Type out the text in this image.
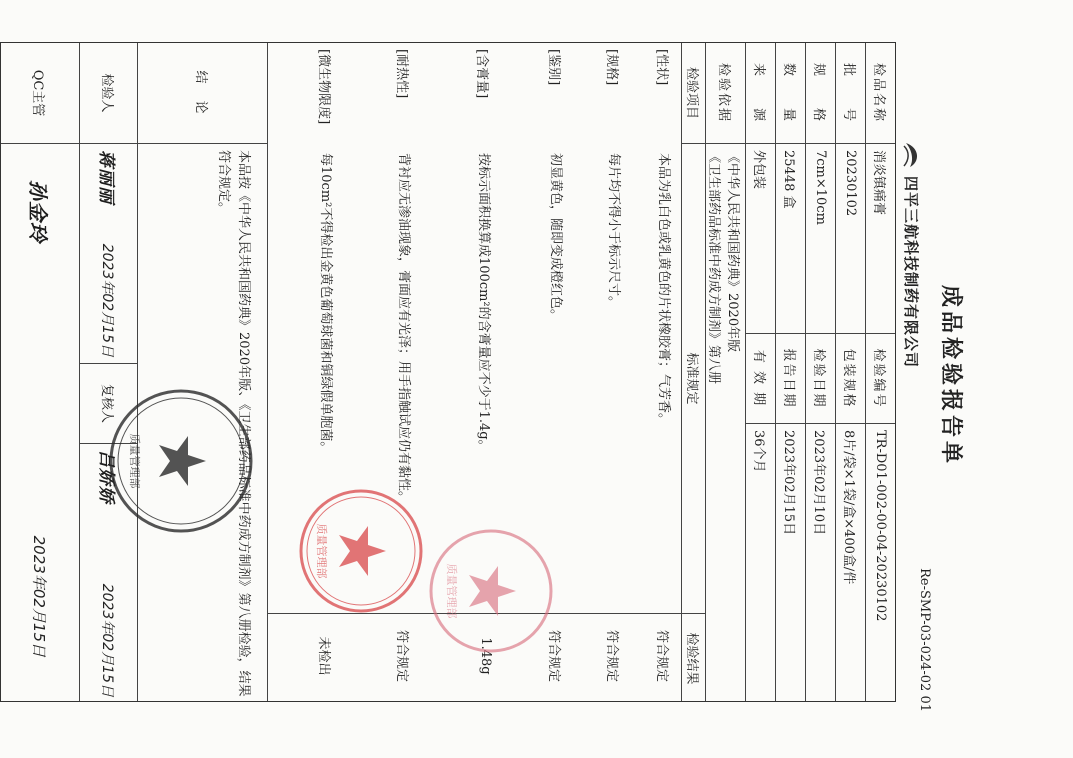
成品检验报告单
Re-SMP-03-024-02 01
四平三航科技制药有限公司
检品名称
消炎镇痛膏
检验编号
TR-D01-002-00-04-20230102
批　　号
20230102
包装规格
8片/袋×1袋/盒×400盒/件
规　　格
7cm×10cm
检验日期
2023年02月10日
数　　量
25448 盒
报告日期
2023年02月15日
来　　源
外包装
有 效 期
36个月
检验依据
《中华人民共和国药典》2020年版
《卫生部药品标准中药成方制剂》第八册
检验项目
标准规定
检验结果
[性状]
本品为乳白色或乳黄色的片状橡胶膏；气芳香。
符合规定
[规格]
每片均不得小于标示尺寸。
符合规定
[鉴别]
初显黄色，随即变成橙红色。
符合规定
[含膏量]
按标示面积换算成100cm²的含膏量应不少于1.4g。
1.48g
[耐热性]
背衬应无渗油现象，膏面应有光泽；用手指触试应仍有黏性。
符合规定
[微生物限度]
每10cm²不得检出金黄色葡萄球菌和铜绿假单胞菌。
未检出
结　论
本品按《中华人民共和国药典》2020年版、《卫生部药品标准中药成方制剂》第八册检验，结果符合规定。
检验人
蒋丽丽
2023年02月15日
复核人
吕娇娇
2023年02月15日
QC主管
孙金玲
2023年02月15日	质量管理部
质量管理部
质量管理部
